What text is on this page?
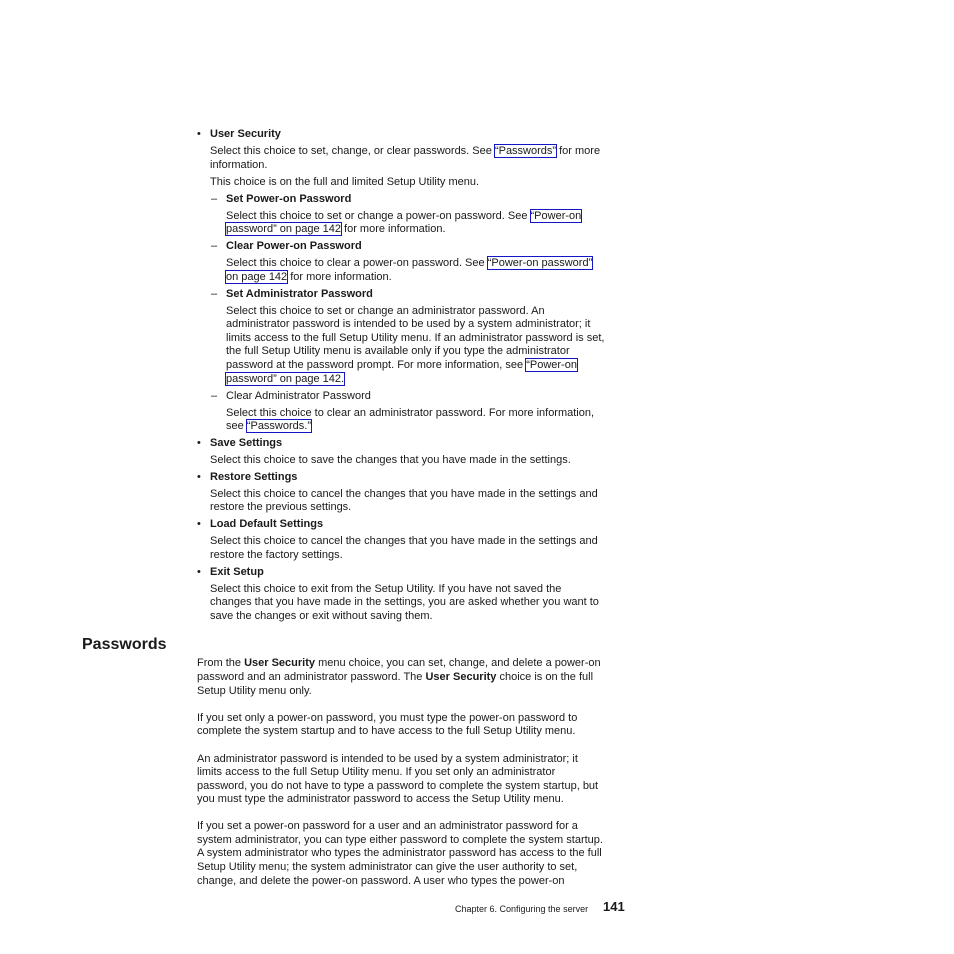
• User Security
Select this choice to set, change, or clear passwords. See “Passwords” for more
information.
This choice is on the full and limited Setup Utility menu.
– Set Power-on Password
Select this choice to set or change a power-on password. See “Power-on
password” on page 142 for more information.
– Clear Power-on Password
Select this choice to clear a power-on password. See “Power-on password”
on page 142 for more information.
– Set Administrator Password
Select this choice to set or change an administrator password. An
administrator password is intended to be used by a system administrator; it
limits access to the full Setup Utility menu. If an administrator password is set,
the full Setup Utility menu is available only if you type the administrator
password at the password prompt. For more information, see “Power-on
password” on page 142.
– Clear Administrator Password
Select this choice to clear an administrator password. For more information,
see “Passwords.”
• Save Settings
Select this choice to save the changes that you have made in the settings.
• Restore Settings
Select this choice to cancel the changes that you have made in the settings and
restore the previous settings.
• Load Default Settings
Select this choice to cancel the changes that you have made in the settings and
restore the factory settings.
• Exit Setup
Select this choice to exit from the Setup Utility. If you have not saved the
changes that you have made in the settings, you are asked whether you want to
save the changes or exit without saving them.
Passwords
From the User Security menu choice, you can set, change, and delete a power-on
password and an administrator password. The User Security choice is on the full
Setup Utility menu only.
If you set only a power-on password, you must type the power-on password to
complete the system startup and to have access to the full Setup Utility menu.
An administrator password is intended to be used by a system administrator; it
limits access to the full Setup Utility menu. If you set only an administrator
password, you do not have to type a password to complete the system startup, but
you must type the administrator password to access the Setup Utility menu.
If you set a power-on password for a user and an administrator password for a
system administrator, you can type either password to complete the system startup.
A system administrator who types the administrator password has access to the full
Setup Utility menu; the system administrator can give the user authority to set,
change, and delete the power-on password. A user who types the power-on
Chapter 6. Configuring the server 141
